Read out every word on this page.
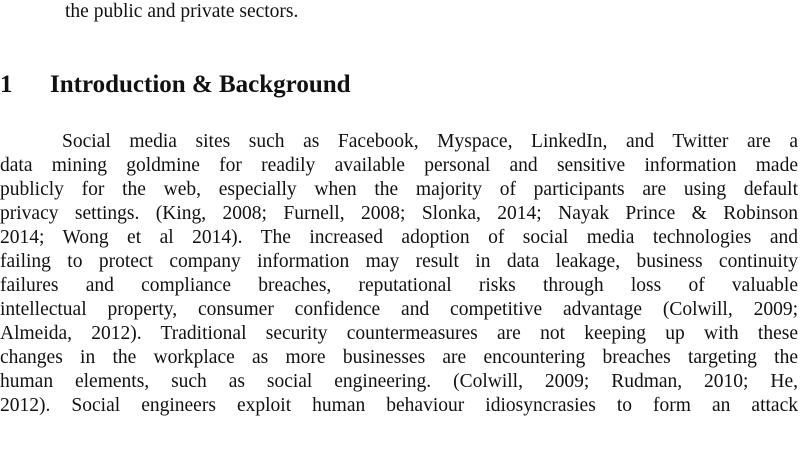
the public and private sectors.
1 Introduction & Background
Social media sites such as Facebook, Myspace, LinkedIn, and Twitter are a
data mining goldmine for readily available personal and sensitive information made
publicly for the web, especially when the majority of participants are using default
privacy settings. (King, 2008; Furnell, 2008; Slonka, 2014; Nayak Prince & Robinson
2014; Wong et al 2014). The increased adoption of social media technologies and
failing to protect company information may result in data leakage, business continuity
failures and compliance breaches, reputational risks through loss of valuable
intellectual property, consumer confidence and competitive advantage (Colwill, 2009;
Almeida, 2012). Traditional security countermeasures are not keeping up with these
changes in the workplace as more businesses are encountering breaches targeting the
human elements, such as social engineering. (Colwill, 2009; Rudman, 2010; He,
2012). Social engineers exploit human behaviour idiosyncrasies to form an attack
